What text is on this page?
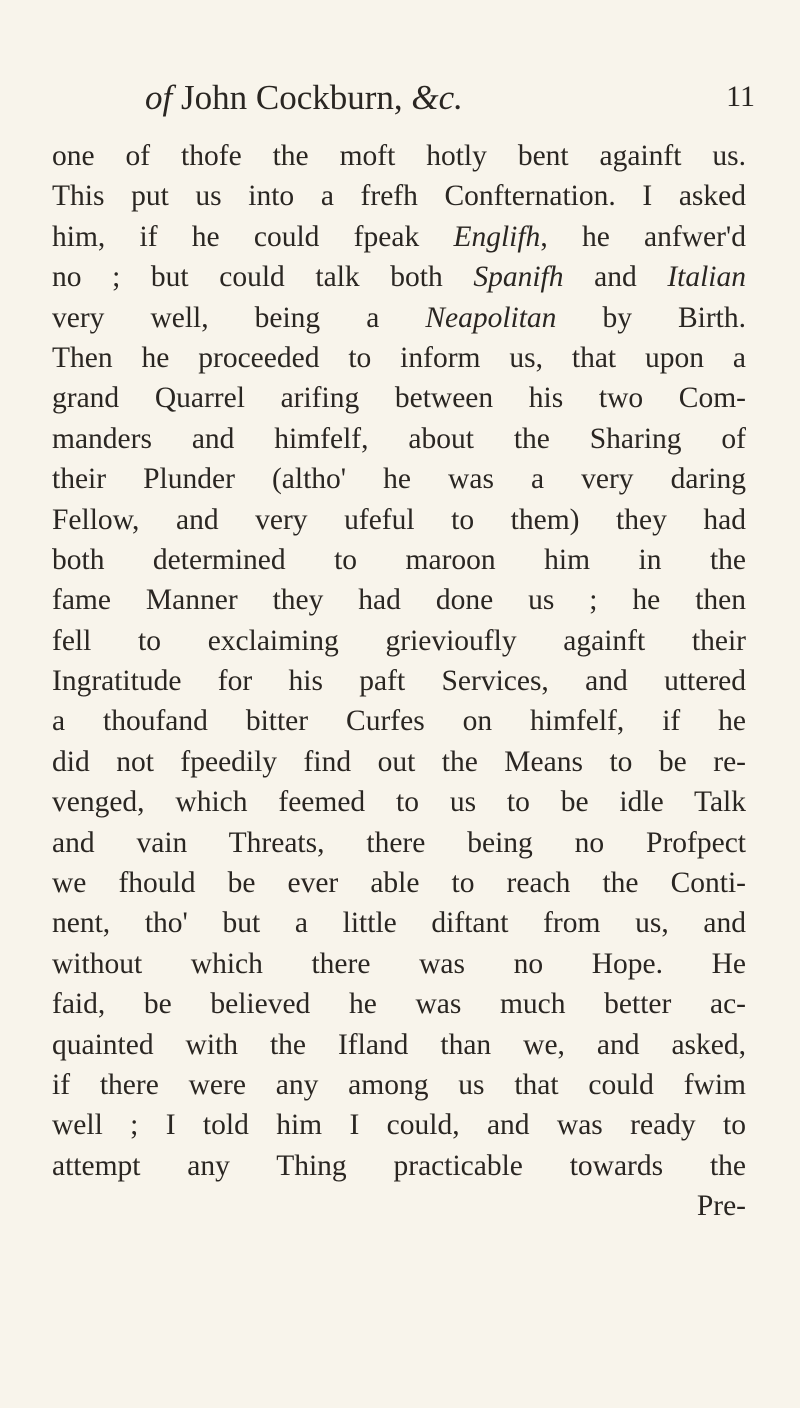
of John Cockburn, &c.	11
one of thofe the moft hotly bent againft us.
This put us into a frefh Confternation. I asked
him, if he could fpeak Englifh, he anfwer'd
no ; but could talk both Spanifh and Italian
very well, being a Neapolitan by Birth.
Then he proceeded to inform us, that upon a
grand Quarrel arifing between his two Com-
manders and himfelf, about the Sharing of
their Plunder (altho' he was a very daring
Fellow, and very ufeful to them) they had
both determined to maroon him in the
fame Manner they had done us ; he then
fell to exclaiming grievioufly againft their
Ingratitude for his paft Services, and uttered
a thoufand bitter Curfes on himfelf, if he
did not fpeedily find out the Means to be re-
venged, which feemed to us to be idle Talk
and vain Threats, there being no Profpect
we fhould be ever able to reach the Conti-
nent, tho' but a little diftant from us, and
without which there was no Hope. He
faid, be believed he was much better ac-
quainted with the Ifland than we, and asked,
if there were any among us that could fwim
well ; I told him I could, and was ready to
attempt any Thing practicable towards the
Pre-
